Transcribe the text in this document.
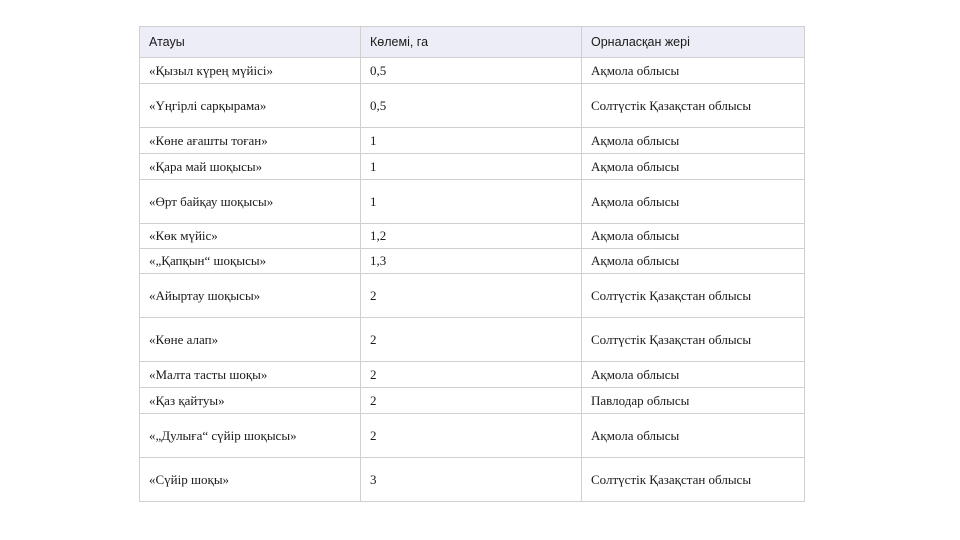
Атауы	Көлемі, га	Орналасқан жері
«Қызыл күрең мүйісі»	0,5	Ақмола облысы
«Үңгірлі сарқырама»	0,5	Солтүстік Қазақстан облысы
«Көне ағашты тоған»	1	Ақмола облысы
«Қара май шоқысы»	1	Ақмола облысы
«Өрт байқау шоқысы»	1	Ақмола облысы
«Көк мүйіс»	1,2	Ақмола облысы
«„Қапқын“ шоқысы»	1,3	Ақмола облысы
«Айыртау шоқысы»	2	Солтүстік Қазақстан облысы
«Көне алап»	2	Солтүстік Қазақстан облысы
«Малта тасты шоқы»	2	Ақмола облысы
«Қаз қайтуы»	2	Павлодар облысы
«„Дулыға“ сүйір шоқысы»	2	Ақмола облысы
«Сүйір шоқы»	3	Солтүстік Қазақстан облысы
